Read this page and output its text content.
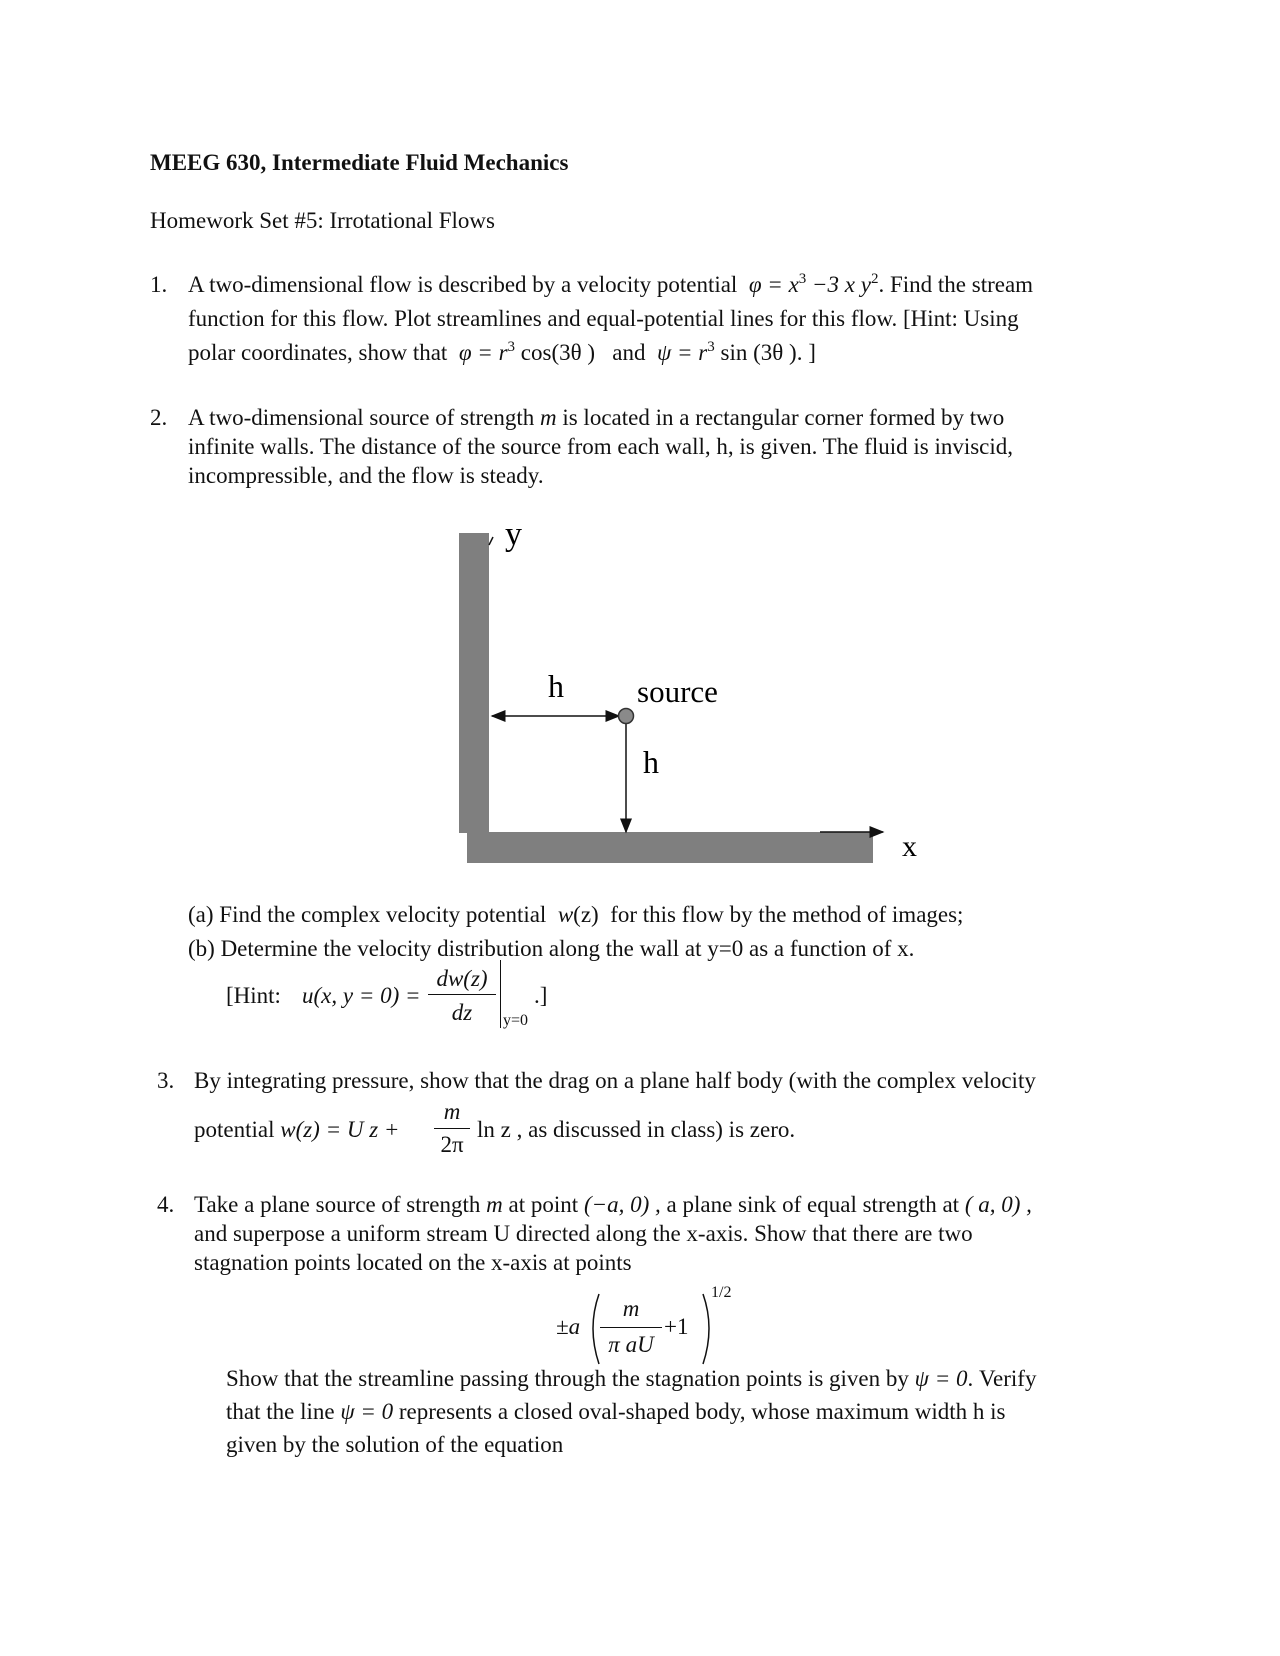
MEEG 630, Intermediate Fluid Mechanics
Homework Set #5: Irrotational Flows
1. A two-dimensional flow is described by a velocity potential $\varphi = x^3 -3$ x $y^2$. Find the stream
function for this flow. Plot streamlines and equal-potential lines for this flow. [Hint: Using
polar coordinates, show that $\varphi = r^3$ cos(3θ ) and $\psi = r^3$ sin (3θ ). ]
2. A two-dimensional source of strength m is located in a rectangular corner formed by two
infinite walls. The distance of the source from each wall, h, is given. The fluid is inviscid,
incompressible, and the flow is steady.
y
x
h
h
source
(a) Find the complex velocity potential w(z) for this flow by the method of images;
(b) Determine the velocity distribution along the wall at y=0 as a function of x.
[Hint: u(x, y = 0) =
dw(z)
dz	y=0
.]
3. By integrating pressure, show that the drag on a plane half body (with the complex velocity
potential w(z) = U z +
m
2π
ln z , as discussed in class) is zero.
4. Take a plane source of strength m at point (−a, 0) , a plane sink of equal strength at ( a, 0) ,
and superpose a uniform stream U directed along the x-axis. Show that there are two
stagnation points located on the x-axis at points
±a
m
π aU
+1
1/2
Show that the streamline passing through the stagnation points is given by ψ = 0. Verify
that the line ψ = 0 represents a closed oval-shaped body, whose maximum width h is
given by the solution of the equation
